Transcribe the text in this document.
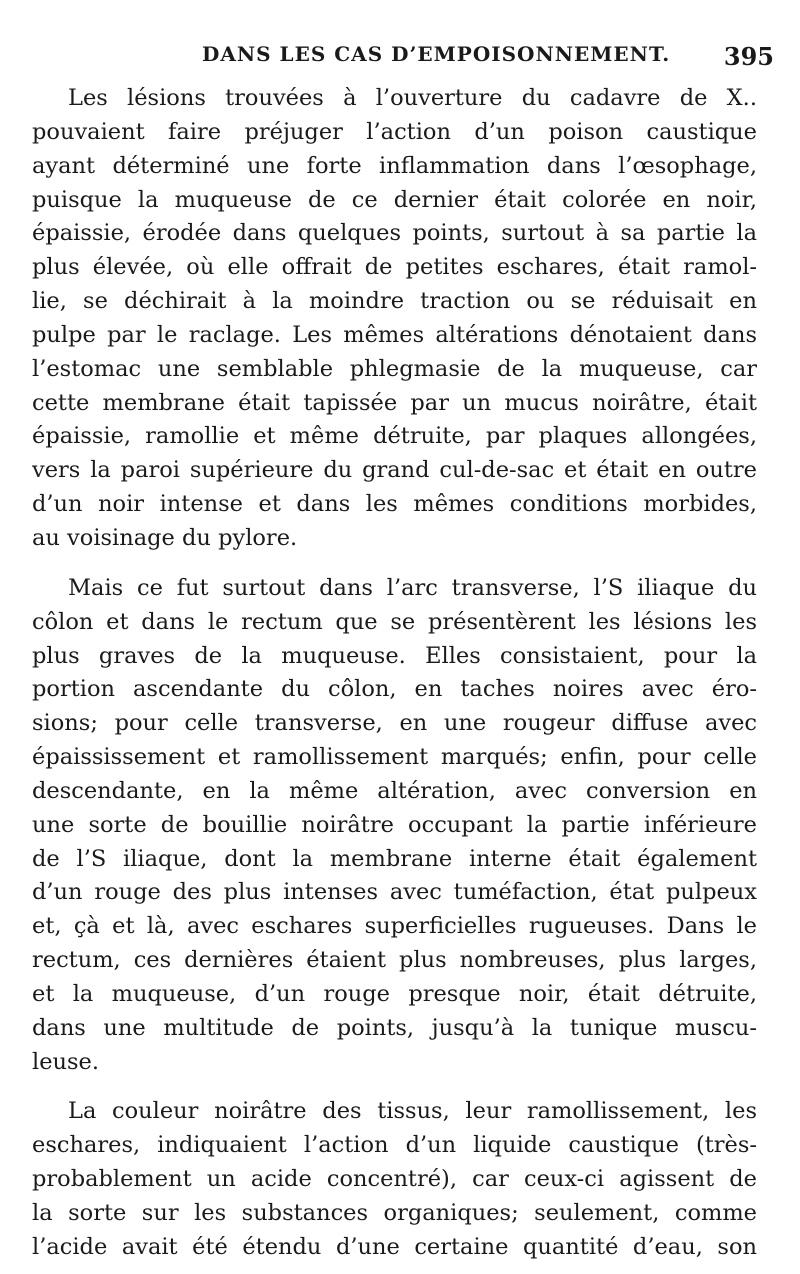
DANS LES CAS D’EMPOISONNEMENT. 395
Les lésions trouvées à l’ouverture du cadavre de X..
pouvaient faire préjuger l’action d’un poison caustique
ayant déterminé une forte inflammation dans l’œsophage,
puisque la muqueuse de ce dernier était colorée en noir,
épaissie, érodée dans quelques points, surtout à sa partie la
plus élevée, où elle offrait de petites eschares, était ramol-
lie, se déchirait à la moindre traction ou se réduisait en
pulpe par le raclage. Les mêmes altérations dénotaient dans
l’estomac une semblable phlegmasie de la muqueuse, car
cette membrane était tapissée par un mucus noirâtre, était
épaissie, ramollie et même détruite, par plaques allongées,
vers la paroi supérieure du grand cul-de-sac et était en outre
d’un noir intense et dans les mêmes conditions morbides,
au voisinage du pylore.
Mais ce fut surtout dans l’arc transverse, l’S iliaque du
côlon et dans le rectum que se présentèrent les lésions les
plus graves de la muqueuse. Elles consistaient, pour la
portion ascendante du côlon, en taches noires avec éro-
sions; pour celle transverse, en une rougeur diffuse avec
épaississement et ramollissement marqués; enfin, pour celle
descendante, en la même altération, avec conversion en
une sorte de bouillie noirâtre occupant la partie inférieure
de l’S iliaque, dont la membrane interne était également
d’un rouge des plus intenses avec tuméfaction, état pulpeux
et, çà et là, avec eschares superficielles rugueuses. Dans le
rectum, ces dernières étaient plus nombreuses, plus larges,
et la muqueuse, d’un rouge presque noir, était détruite,
dans une multitude de points, jusqu’à la tunique muscu-
leuse.
La couleur noirâtre des tissus, leur ramollissement, les
eschares, indiquaient l’action d’un liquide caustique (très-
probablement un acide concentré), car ceux-ci agissent de
la sorte sur les substances organiques; seulement, comme
l’acide avait été étendu d’une certaine quantité d’eau, son
